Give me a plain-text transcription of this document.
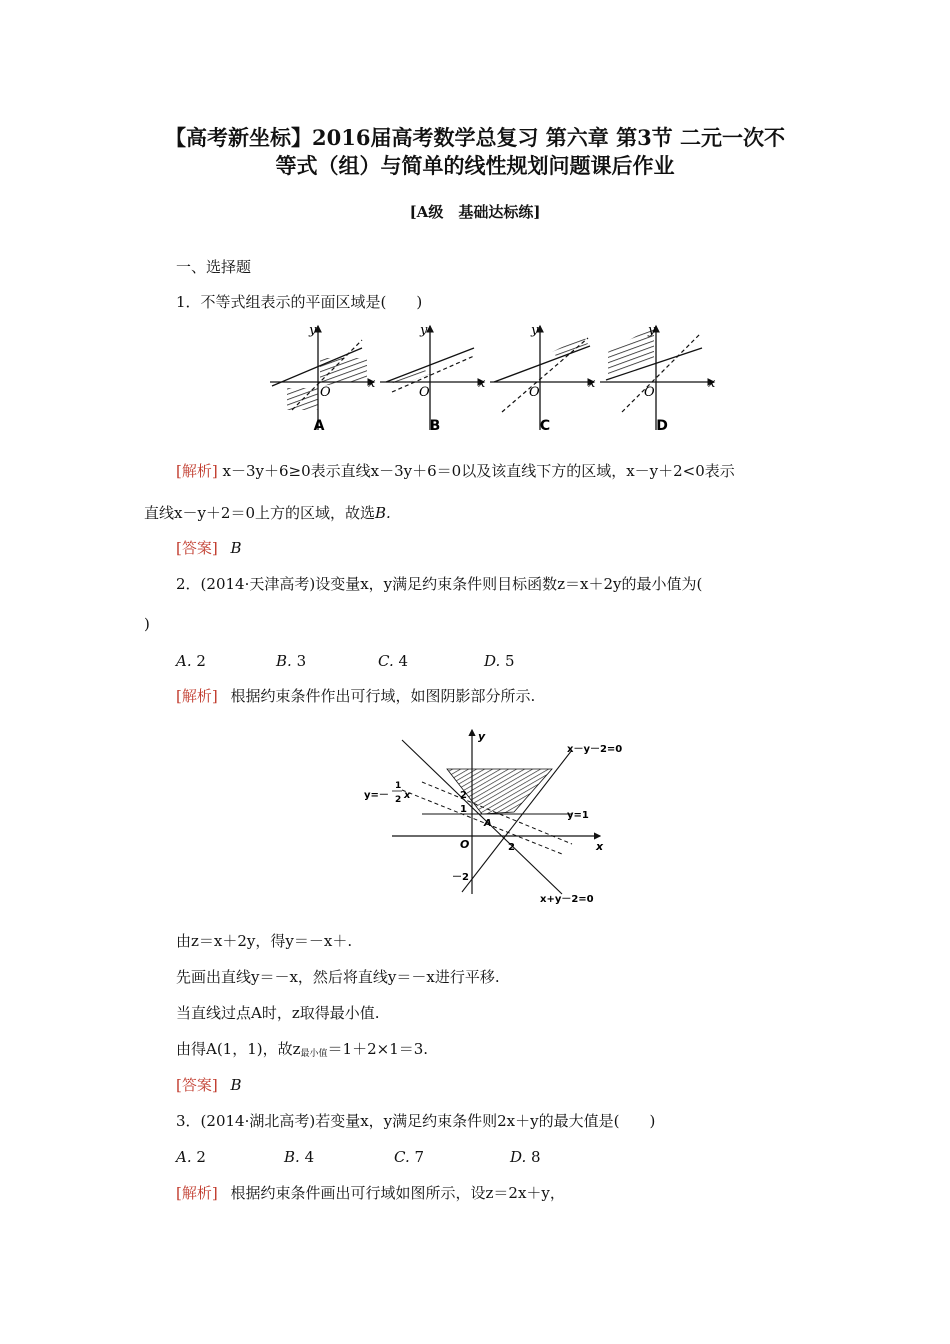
【高考新坐标】2016届高考数学总复习 第六章 第3节 二元一次不
等式（组）与简单的线性规划问题课后作业
[A级　基础达标练]
一、选择题
1．不等式组表示的平面区域是(　　)
y
x
O
A
y
x
O
B
y
x
O
C
y
x
O
D
[解析] x－3y＋6≥0表示直线x－3y＋6＝0以及该直线下方的区域，x－y＋2<0表示
直线x－y＋2＝0上方的区域，故选B.
[答案] B
2．(2014·天津高考)设变量x，y满足约束条件则目标函数z＝x＋2y的最小值为(
)
A. 2	B. 3	C. 4	D. 5
[解析] 根据约束条件作出可行域，如图阴影部分所示.
x－y－2=0
y=1
x+y－2=0
y=－
1
2 x
y
x
O
2
1
2
－2
A
由z＝x＋2y，得y＝－x＋.
先画出直线y＝－x，然后将直线y＝－x进行平移.
当直线过点A时，z取得最小值.
由得A(1，1)，故$z_{最小值}=1+2\times 1=3$.
[答案] B
3．(2014·湖北高考)若变量x，y满足约束条件则2x＋y的最大值是(　　)
A. 2	B. 4	C. 7	D. 8
[解析] 根据约束条件画出可行域如图所示，设z＝2x＋y，
